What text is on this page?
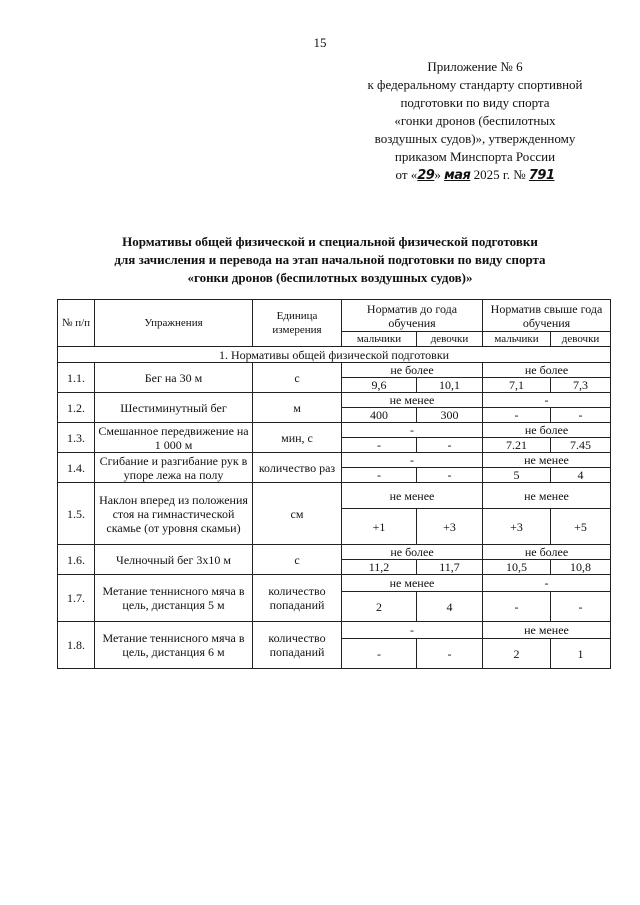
15
Приложение № 6
к федеральному стандарту спортивной
подготовки по виду спорта
«гонки дронов (беспилотных
воздушных судов)», утвержденному
приказом Минспорта России
от «29» мая 2025 г. № 791
Нормативы общей физической и специальной физической подготовки
для зачисления и перевода на этап начальной подготовки по виду спорта
«гонки дронов (беспилотных воздушных судов)»
№ п/п	Упражнения	Единица измерения	Норматив до года обучения		Норматив свыше года обучения	
			мальчики	девочки	мальчики	девочки
1. Нормативы общей физической подготовки						
1.1.	Бег на 30 м	с	не более		не более	
			9,6	10,1	7,1	7,3
1.2.	Шестиминутный бег	м	не менее		-	
			400	300	-	-
1.3.	Смешанное передвижение на 1 000 м	мин, с	-		не более	
			-	-	7.21	7.45
1.4.	Сгибание и разгибание рук в упоре лежа на полу	количество раз	-		не менее	
			-	-	5	4
1.5.	Наклон вперед из положения стоя на гимнастической скамье (от уровня скамьи)	см	не менее		не менее	
			+1	+3	+3	+5
1.6.	Челночный бег 3х10 м	с	не более		не более	
			11,2	11,7	10,5	10,8
1.7.	Метание теннисного мяча в цель, дистанция 5 м	количество попаданий	не менее		-	
			2	4	-	-
1.8.	Метание теннисного мяча в цель, дистанция 6 м	количество попаданий	-		не менее	
			-	-	2	1
